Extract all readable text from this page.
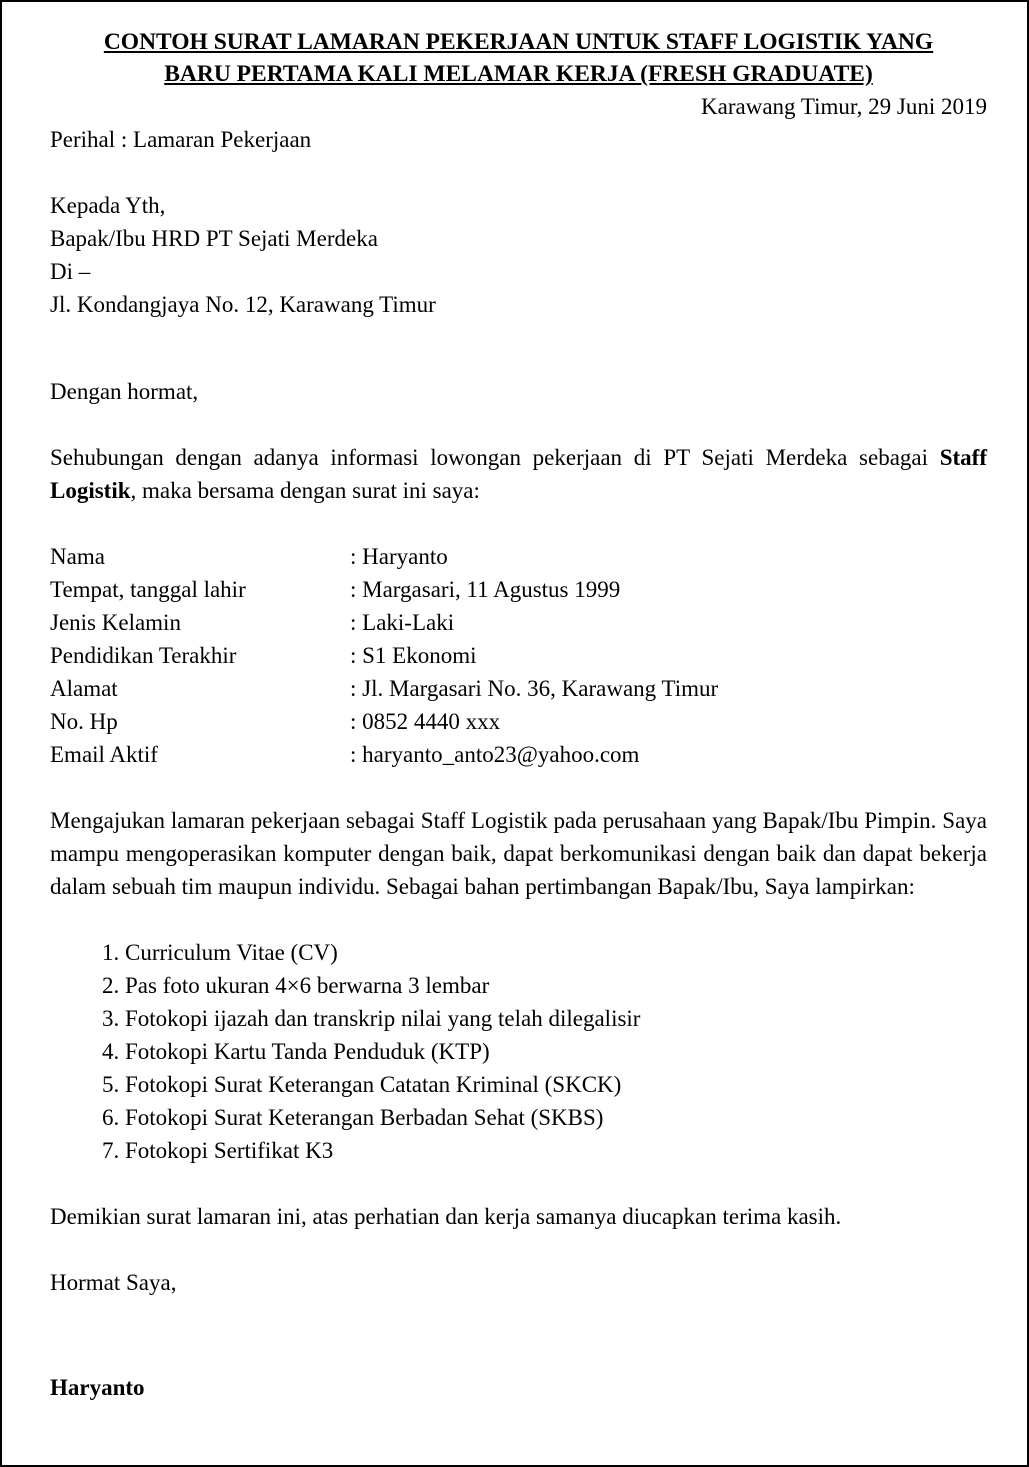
CONTOH SURAT LAMARAN PEKERJAAN UNTUK STAFF LOGISTIK YANG
BARU PERTAMA KALI MELAMAR KERJA (FRESH GRADUATE)

Karawang Timur, 29 Juni 2019

Perihal : Lamaran Pekerjaan

Kepada Yth,

Bapak/Ibu HRD PT Sejati Merdeka

Di –

Jl. Kondangjaya No. 12, Karawang Timur

Dengan hormat,

Sehubungan dengan adanya informasi lowongan pekerjaan di PT Sejati Merdeka sebagai Staff Logistik, maka bersama dengan surat ini saya:

Nama	: Haryanto
Tempat, tanggal lahir	: Margasari, 11 Agustus 1999
Jenis Kelamin	: Laki-Laki
Pendidikan Terakhir	: S1 Ekonomi
Alamat	: Jl. Margasari No. 36, Karawang Timur
No. Hp	: 0852 4440 xxx
Email Aktif	: haryanto_anto23@yahoo.com

Mengajukan lamaran pekerjaan sebagai Staff Logistik pada perusahaan yang Bapak/Ibu Pimpin. Saya mampu mengoperasikan komputer dengan baik, dapat berkomunikasi dengan baik dan dapat bekerja dalam sebuah tim maupun individu. Sebagai bahan pertimbangan Bapak/Ibu, Saya lampirkan:

1. Curriculum Vitae (CV)
2. Pas foto ukuran 4×6 berwarna 3 lembar
3. Fotokopi ijazah dan transkrip nilai yang telah dilegalisir
4. Fotokopi Kartu Tanda Penduduk (KTP)
5. Fotokopi Surat Keterangan Catatan Kriminal (SKCK)
6. Fotokopi Surat Keterangan Berbadan Sehat (SKBS)
7. Fotokopi Sertifikat K3

Demikian surat lamaran ini, atas perhatian dan kerja samanya diucapkan terima kasih.

Hormat Saya,

Haryanto
